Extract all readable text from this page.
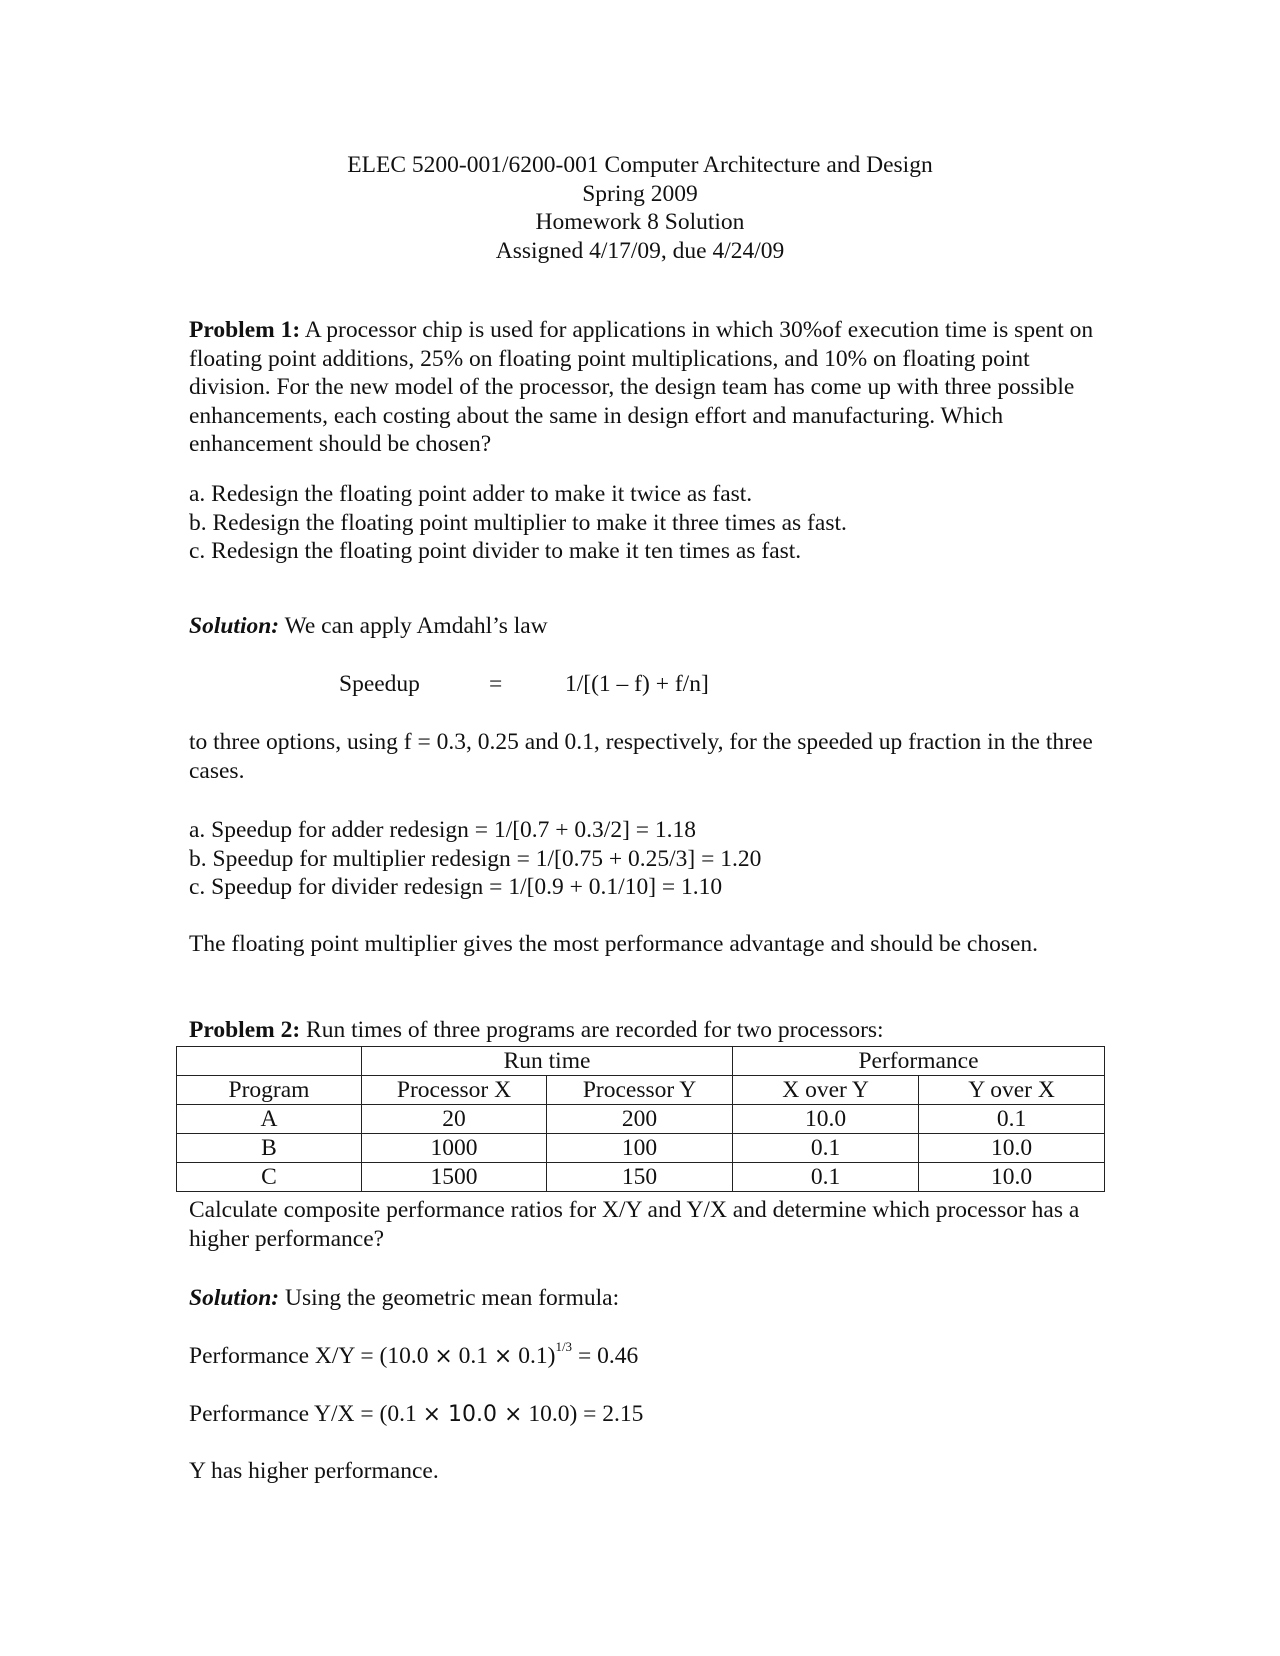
ELEC 5200-001/6200-001 Computer Architecture and Design
Spring 2009
Homework 8 Solution
Assigned 4/17/09, due 4/24/09

Problem 1: A processor chip is used for applications in which 30%of execution time is spent on floating point additions, 25% on floating point multiplications, and 10% on floating point division. For the new model of the processor, the design team has come up with three possible enhancements, each costing about the same in design effort and manufacturing. Which enhancement should be chosen?

a. Redesign the floating point adder to make it twice as fast.

b. Redesign the floating point multiplier to make it three times as fast.

c. Redesign the floating point divider to make it ten times as fast.

Solution: We can apply Amdahl’s law

Speedup	=	1/[(1 – f) + f/n]

to three options, using f = 0.3, 0.25 and 0.1, respectively, for the speeded up fraction in the three cases.

a. Speedup for adder redesign = 1/[0.7 + 0.3/2] = 1.18

b. Speedup for multiplier redesign = 1/[0.75 + 0.25/3] = 1.20

c. Speedup for divider redesign = 1/[0.9 + 0.1/10] = 1.10

The floating point multiplier gives the most performance advantage and should be chosen.

Problem 2: Run times of three programs are recorded for two processors:

	Run time		Performance	
Program	Processor X	Processor Y	X over Y	Y over X
A	20	200	10.0	0.1
B	1000	100	0.1	10.0
C	1500	150	0.1	10.0

Calculate composite performance ratios for X/Y and Y/X and determine which processor has a higher performance?

Solution: Using the geometric mean formula:

Performance $X/Y = (10.0 \times 0.1 \times 0.1)^{1/3} = 0.46$

Performance Y/X = (0.1 × 10.0 × 10.0) = 2.15

Y has higher performance.
